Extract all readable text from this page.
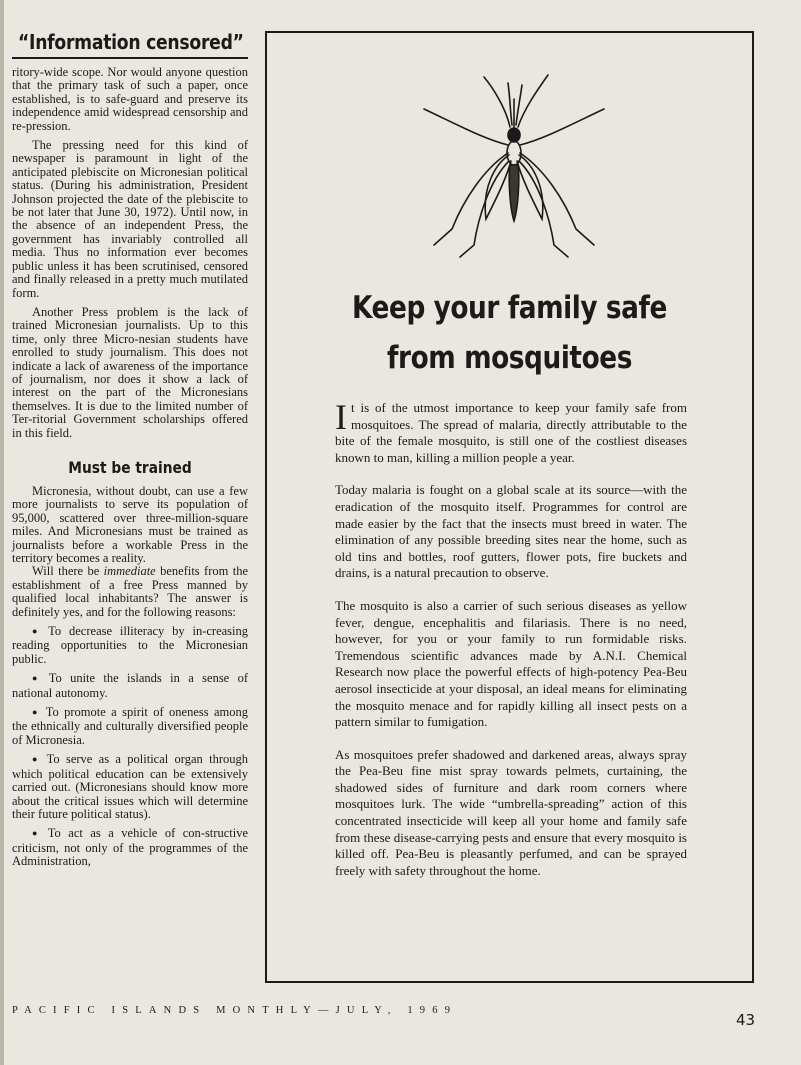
“Information censored”

ritory-wide scope. Nor would anyone question that the primary task of such a paper, once established, is to safe-guard and preserve its independence amid widespread censorship and re-pression.

The pressing need for this kind of newspaper is paramount in light of the anticipated plebiscite on Micronesian political status. (During his administration, President Johnson projected the date of the plebiscite to be not later that June 30, 1972). Until now, in the absence of an independent Press, the government has invariably controlled all media. Thus no information ever becomes public unless it has been scrutinised, censored and finally released in a pretty much mutilated form.

Another Press problem is the lack of trained Micronesian journalists. Up to this time, only three Micro-nesian students have enrolled to study journalism. This does not indicate a lack of awareness of the importance of journalism, nor does it show a lack of interest on the part of the Micronesians themselves. It is due to the limited number of Ter-ritorial Government scholarships offered in this field.

Must be trained

Micronesia, without doubt, can use a few more journalists to serve its population of 95,000, scattered over three-million-square miles. And Micronesians must be trained as journalists before a workable Press in the territory becomes a reality.

Will there be immediate benefits from the establishment of a free Press manned by qualified local inhabitants? The answer is definitely yes, and for the following reasons:

● To decrease illiteracy by in-creasing reading opportunities to the Micronesian public.

● To unite the islands in a sense of national autonomy.

● To promote a spirit of oneness among the ethnically and culturally diversified people of Micronesia.

● To serve as a political organ through which political education can be extensively carried out. (Micronesians should know more about the critical issues which will determine their future political status).

● To act as a vehicle of con-structive criticism, not only of the programmes of the Administration,

Keep your family safe
from mosquitoes

It is of the utmost importance to keep your family safe from mosquitoes. The spread of malaria, directly attributable to the bite of the female mosquito, is still one of the costliest diseases known to man, killing a million people a year.

Today malaria is fought on a global scale at its source—with the eradication of the mosquito itself. Programmes for control are made easier by the fact that the insects must breed in water. The elimination of any possible breeding sites near the home, such as old tins and bottles, roof gutters, flower pots, fire buckets and drains, is a natural precaution to observe.

The mosquito is also a carrier of such serious diseases as yellow fever, dengue, encephalitis and filariasis. There is no need, however, for you or your family to run formidable risks. Tremendous scientific advances made by A.N.I. Chemical Research now place the powerful effects of high-potency Pea-Beu aerosol insecticide at your disposal, an ideal means for eliminating the mosquito menace and for rapidly killing all insect pests on a pattern similar to fumigation.

As mosquitoes prefer shadowed and darkened areas, always spray the Pea-Beu fine mist spray towards pelmets, curtaining, the shadowed sides of furniture and dark room corners where mosquitoes lurk. The wide “umbrella-spreading” action of this concentrated insecticide will keep all your home and family safe from these disease-carrying pests and ensure that every mosquito is killed off. Pea-Beu is pleasantly perfumed, and can be sprayed freely with safety throughout the home.

PACIFIC ISLANDS MONTHLY—JULY, 1969
43
